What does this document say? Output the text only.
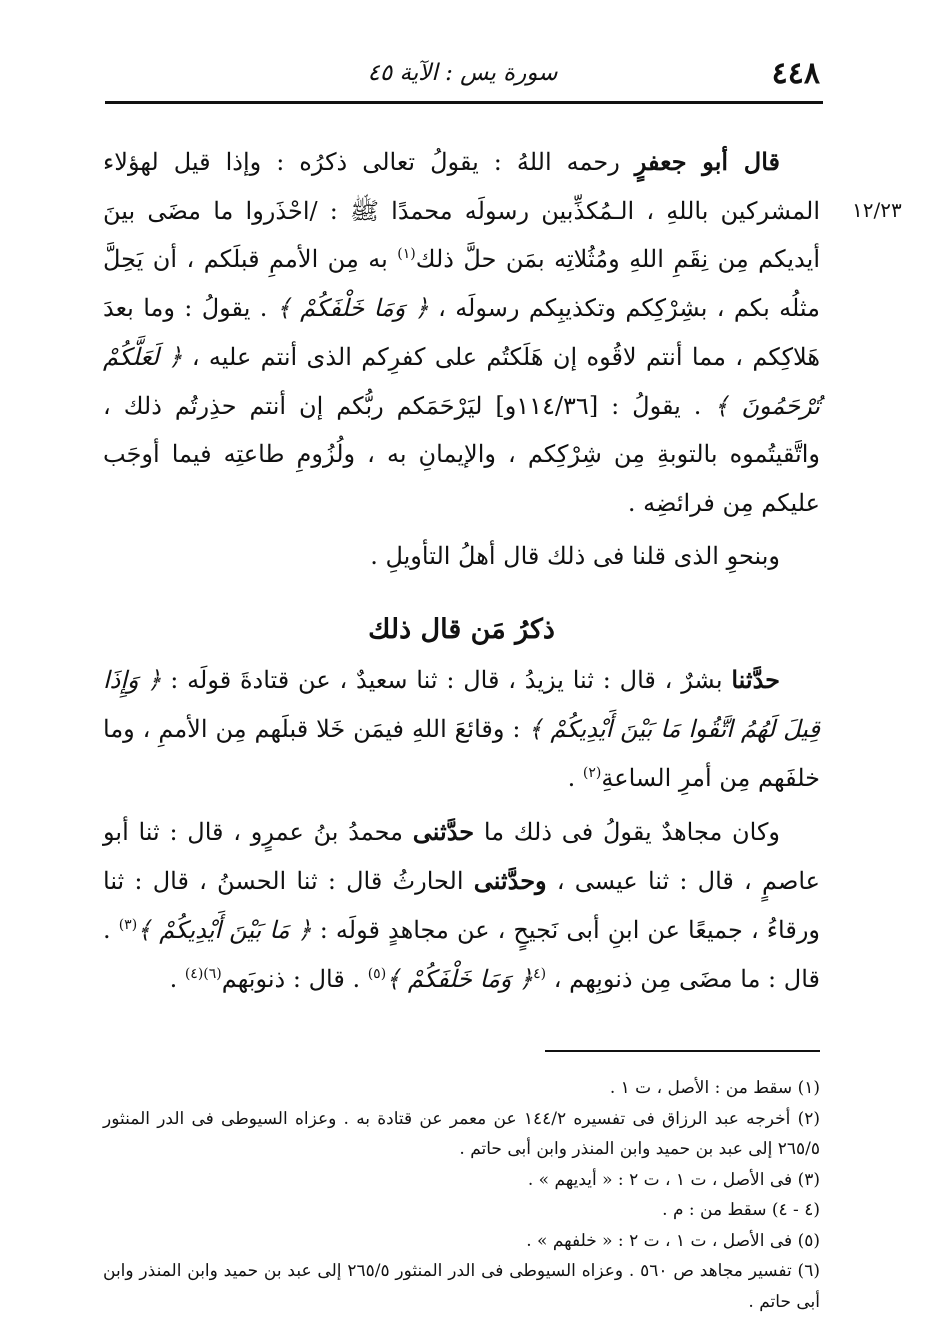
٤٤٨
سورة يس : الآية ٤٥
١٢/٢٣

قال أبو جعفرٍ رحمه اللهُ : يقولُ تعالى ذكرُه : وإذا قيل لهؤلاء المشركين باللهِ ، الـمُكذِّبين رسولَه محمدًا ﷺ : /احْذَروا ما مضَى بينَ أيديكم مِن نِقَمِ اللهِ ومُثُلاتِه بمَن حلَّ ذلك$^{(١)}$ به مِن الأممِ قبلَكم ، أن يَحِلَّ مثلُه بكم ، بشِرْكِكم وتكذيبِكم رسولَه ، ﴿ وَمَا خَلْفَكُمْ ﴾ . يقولُ : وما بعدَ هَلاكِكم ، مما أنتم لاقُوه إن هَلَكتُم على كفرِكم الذى أنتم عليه ، ﴿ لَعَلَّكُمْ تُرْحَمُونَ ﴾ . يقولُ : [١١٤/٣٦و] ليَرْحَمَكم ربُّكم إن أنتم حذِرتُم ذلك ، واتَّقيتُموه بالتوبةِ مِن شِرْكِكم ، والإيمانِ به ، ولُزُومِ طاعتِه فيما أوجَب عليكم مِن فرائضِه .

وبنحوِ الذى قلنا فى ذلك قال أهلُ التأويلِ .

ذكرُ مَن قال ذلك

حدَّثنا بشرٌ ، قال : ثنا يزيدُ ، قال : ثنا سعيدٌ ، عن قتادةَ قولَه : ﴿ وَإِذَا قِيلَ لَهُمُ اتَّقُوا مَا بَيْنَ أَيْدِيكُمْ ﴾ : وقائعَ اللهِ فيمَن خَلا قبلَهم مِن الأممِ ، وما خلفَهم مِن أمرِ الساعةِ$^{(٢)}$ .

وكان مجاهدٌ يقولُ فى ذلك ما حدَّثنى محمدُ بنُ عمرٍو ، قال : ثنا أبو عاصمٍ ، قال : ثنا عيسى ، وحدَّثنى الحارثُ قال : ثنا الحسنُ ، قال : ثنا ورقاءُ ، جميعًا عن ابنِ أبى نَجيحٍ ، عن مجاهدٍ قولَه : ﴿ مَا بَيْنَ أَيْدِيكُمْ ﴾$^{(٣)}$ . قال : ما مضَى مِن ذنوبِهم ، $^{(٤}$﴿ وَمَا خَلْفَكُمْ ﴾$^{(٥)}$ . قال : ذنوبَهم$^{(٦)(٤)}$ .

(١) سقط من : الأصل ، ت ١ .

(٢) أخرجه عبد الرزاق فى تفسيره ١٤٤/٢ عن معمر عن قتادة به . وعزاه السيوطى فى الدر المنثور ٢٦٥/٥ إلى عبد بن حميد وابن المنذر وابن أبى حاتم .

(٣) فى الأصل ، ت ١ ، ت ٢ : « أيديهم » .

(٤ - ٤) سقط من : م .

(٥) فى الأصل ، ت ١ ، ت ٢ : « خلفهم » .

(٦) تفسير مجاهد ص ٥٦٠ . وعزاه السيوطى فى الدر المنثور ٢٦٥/٥ إلى عبد بن حميد وابن المنذر وابن أبى حاتم .
